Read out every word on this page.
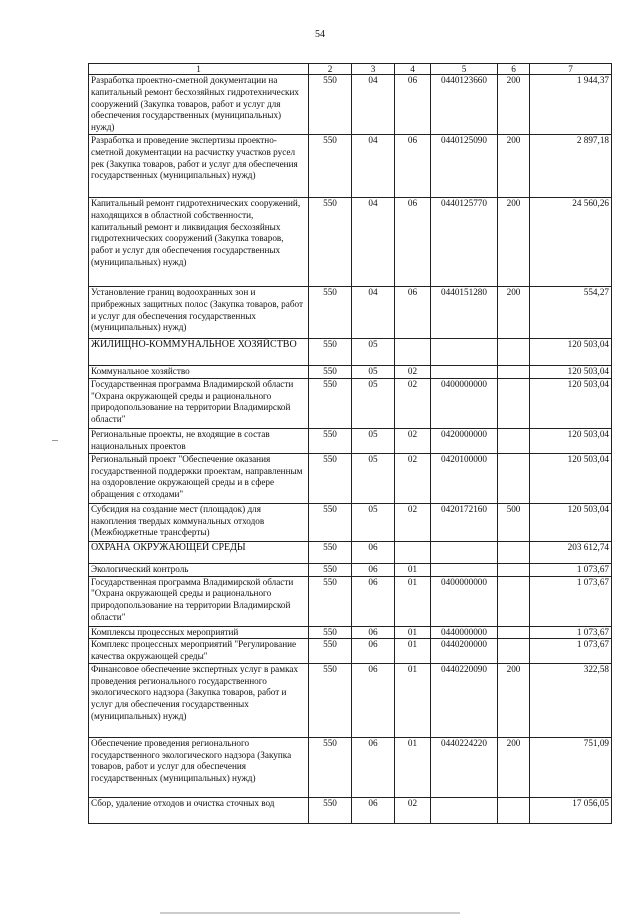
54
1	2	3	4	5	6	7
Разработка проектно-сметной документации на капитальный ремонт бесхозяйных гидротехнических сооружений (Закупка товаров, работ и услуг для обеспечения государственных (муниципальных) нужд)	550	04	06	0440123660	200	1 944,37
Разработка и проведение экспертизы проектно-сметной документации на расчистку участков русел рек (Закупка товаров, работ и услуг для обеспечения государственных (муниципальных) нужд)	550	04	06	0440125090	200	2 897,18
Капитальный ремонт гидротехнических сооружений, находящихся в областной собственности, капитальный ремонт и ликвидация бесхозяйных гидротехнических сооружений (Закупка товаров, работ и услуг для обеспечения государственных (муниципальных) нужд)	550	04	06	0440125770	200	24 560,26
Установление границ водоохранных зон и прибрежных защитных полос (Закупка товаров, работ и услуг для обеспечения государственных (муниципальных) нужд)	550	04	06	0440151280	200	554,27
ЖИЛИЩНО-КОММУНАЛЬНОЕ ХОЗЯЙСТВО	550	05				120 503,04
Коммунальное хозяйство	550	05	02			120 503,04
Государственная программа Владимирской области "Охрана окружающей среды и рационального природопользование на территории Владимирской области"	550	05	02	0400000000		120 503,04
Региональные проекты, не входящие в состав национальных проектов	550	05	02	0420000000		120 503,04
Региональный проект "Обеспечение оказания государственной поддержки проектам, направленным на оздоровление окружающей среды и в сфере обращения с отходами"	550	05	02	0420100000		120 503,04
Субсидия на создание мест (площадок) для накопления твердых коммунальных отходов (Межбюджетные трансферты)	550	05	02	0420172160	500	120 503,04
ОХРАНА ОКРУЖАЮЩЕЙ СРЕДЫ	550	06				203 612,74
Экологический контроль	550	06	01			1 073,67
Государственная программа Владимирской области "Охрана окружающей среды и рационального природопользование на территории Владимирской области"	550	06	01	0400000000		1 073,67
Комплексы процессных мероприятий	550	06	01	0440000000		1 073,67
Комплекс процессных мероприятий "Регулирование качества окружающей среды"	550	06	01	0440200000		1 073,67
Финансовое обеспечение экспертных услуг в рамках проведения регионального государственного экологического надзора (Закупка товаров, работ и услуг для обеспечения государственных (муниципальных) нужд)	550	06	01	0440220090	200	322,58
Обеспечение проведения регионального государственного экологического надзора (Закупка товаров, работ и услуг для обеспечения государственных (муниципальных) нужд)	550	06	01	0440224220	200	751,09
Сбор, удаление отходов и очистка сточных вод	550	06	02			17 056,05
